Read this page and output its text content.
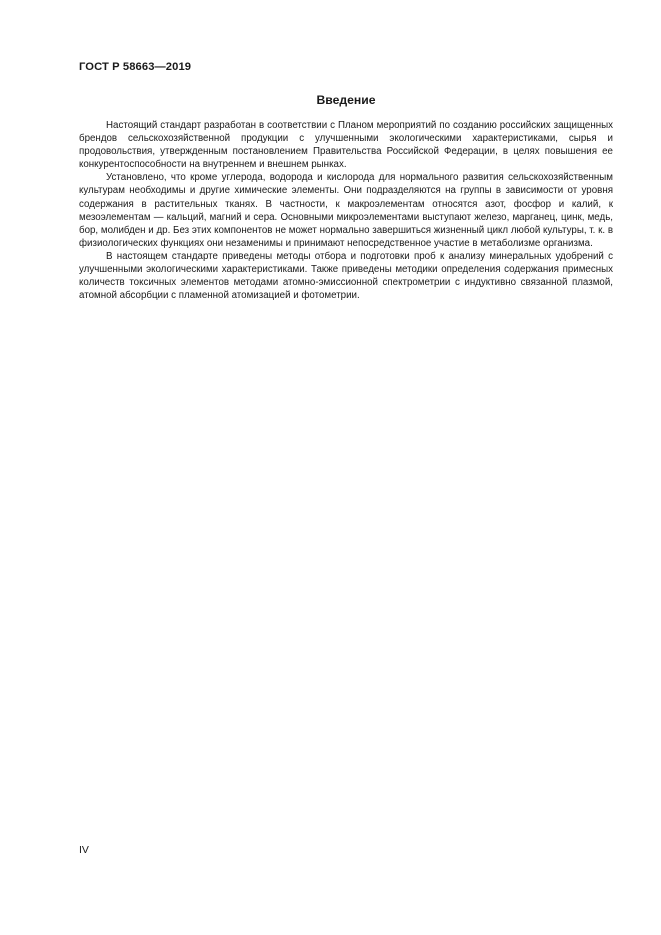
ГОСТ Р 58663—2019
Введение

Настоящий стандарт разработан в соответствии с Планом мероприятий по созданию российских защищенных брендов сельскохозяйственной продукции с улучшенными экологическими характеристиками, сырья и продовольствия, утвержденным постановлением Правительства Российской Федерации, в целях повышения ее конкурентоспособности на внутреннем и внешнем рынках.

Установлено, что кроме углерода, водорода и кислорода для нормального развития сельскохозяйственным культурам необходимы и другие химические элементы. Они подразделяются на группы в зависимости от уровня содержания в растительных тканях. В частности, к макроэлементам относятся азот, фосфор и калий, к мезоэлементам — кальций, магний и сера. Основными микроэлементами выступают железо, марганец, цинк, медь, бор, молибден и др. Без этих компонентов не может нормально завершиться жизненный цикл любой культуры, т. к. в физиологических функциях они незаменимы и принимают непосредственное участие в метаболизме организма.

В настоящем стандарте приведены методы отбора и подготовки проб к анализу минеральных удобрений с улучшенными экологическими характеристиками. Также приведены методики определения содержания примесных количеств токсичных элементов методами атомно-эмиссионной спектрометрии с индуктивно связанной плазмой, атомной абсорбции с пламенной атомизацией и фотометрии.

IV
